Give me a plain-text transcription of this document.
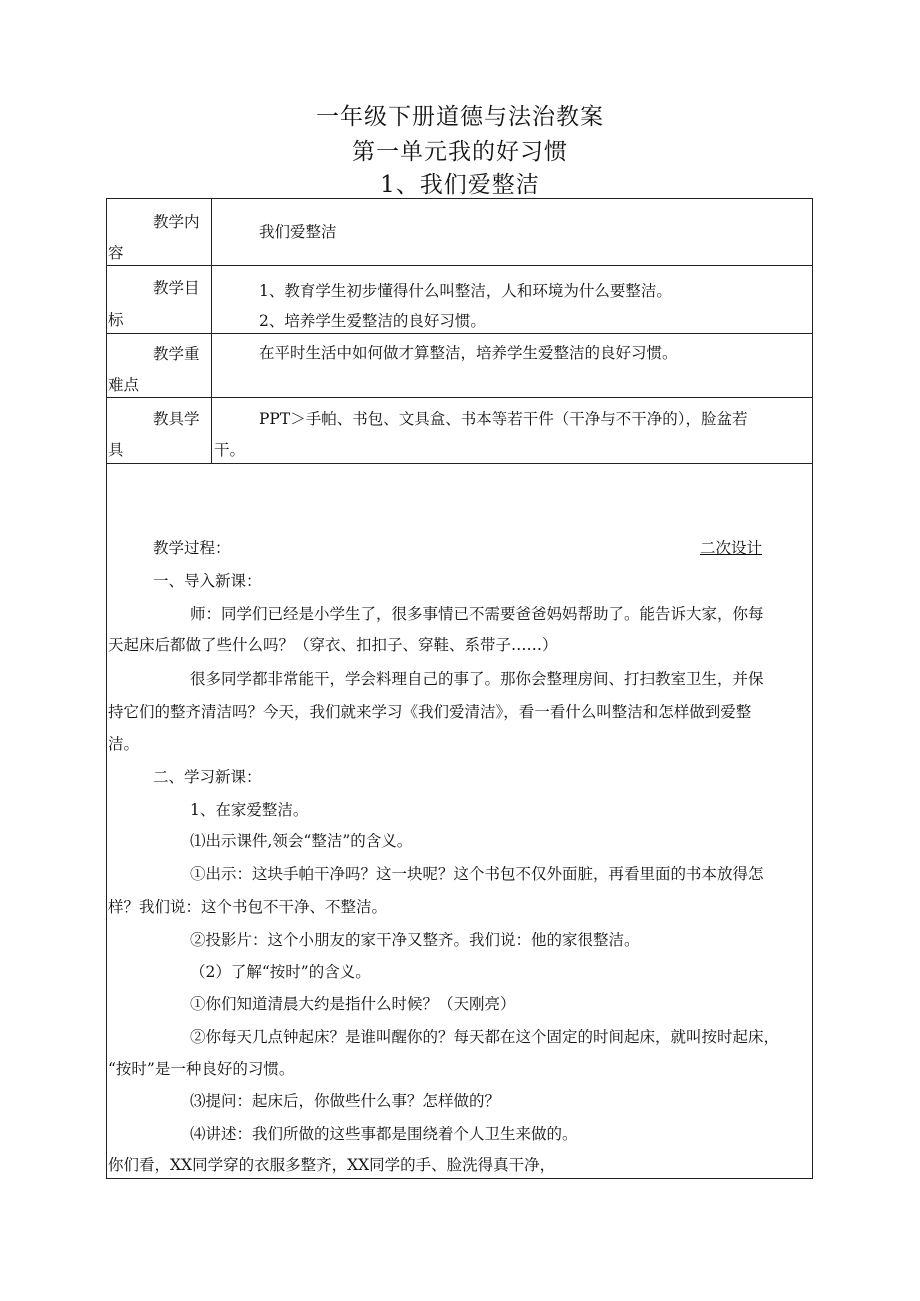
一年级下册道德与法治教案
第一单元我的好习惯
1、我们爱整洁
教学内
容
我们爱整洁
教学目
标
1、教育学生初步懂得什么叫整洁，人和环境为什么要整洁。
2、培养学生爱整洁的良好习惯。
教学重
难点
在平时生活中如何做才算整洁，培养学生爱整洁的良好习惯。
教具学
具
PPT＞手帕、书包、文具盒、书本等若干件（干净与不干净的），脸盆若
干。
教学过程：	二次设计
一、导入新课：
师：同学们已经是小学生了，很多事情已不需要爸爸妈妈帮助了。能告诉大家，你每
天起床后都做了些什么吗？（穿衣、扣扣子、穿鞋、系带子……）
很多同学都非常能干，学会料理自己的事了。那你会整理房间、打扫教室卫生，并保
持它们的整齐清洁吗？今天，我们就来学习《我们爱清洁》，看一看什么叫整洁和怎样做到爱整
洁。
二、学习新课：
1、在家爱整洁。
⑴出示课件,领会“整洁”的含义。
①出示：这块手帕干净吗？这一块呢？这个书包不仅外面脏，再看里面的书本放得怎
样？我们说：这个书包不干净、不整洁。
②投影片：这个小朋友的家干净又整齐。我们说：他的家很整洁。
（2）了解“按时”的含义。
①你们知道清晨大约是指什么时候？（天刚亮）
②你每天几点钟起床？是谁叫醒你的？每天都在这个固定的时间起床，就叫按时起床，
“按时”是一种良好的习惯。
⑶提问：起床后，你做些什么事？怎样做的？
⑷讲述：我们所做的这些事都是围绕着个人卫生来做的。
你们看，XX同学穿的衣服多整齐，XX同学的手、脸洗得真干净，
